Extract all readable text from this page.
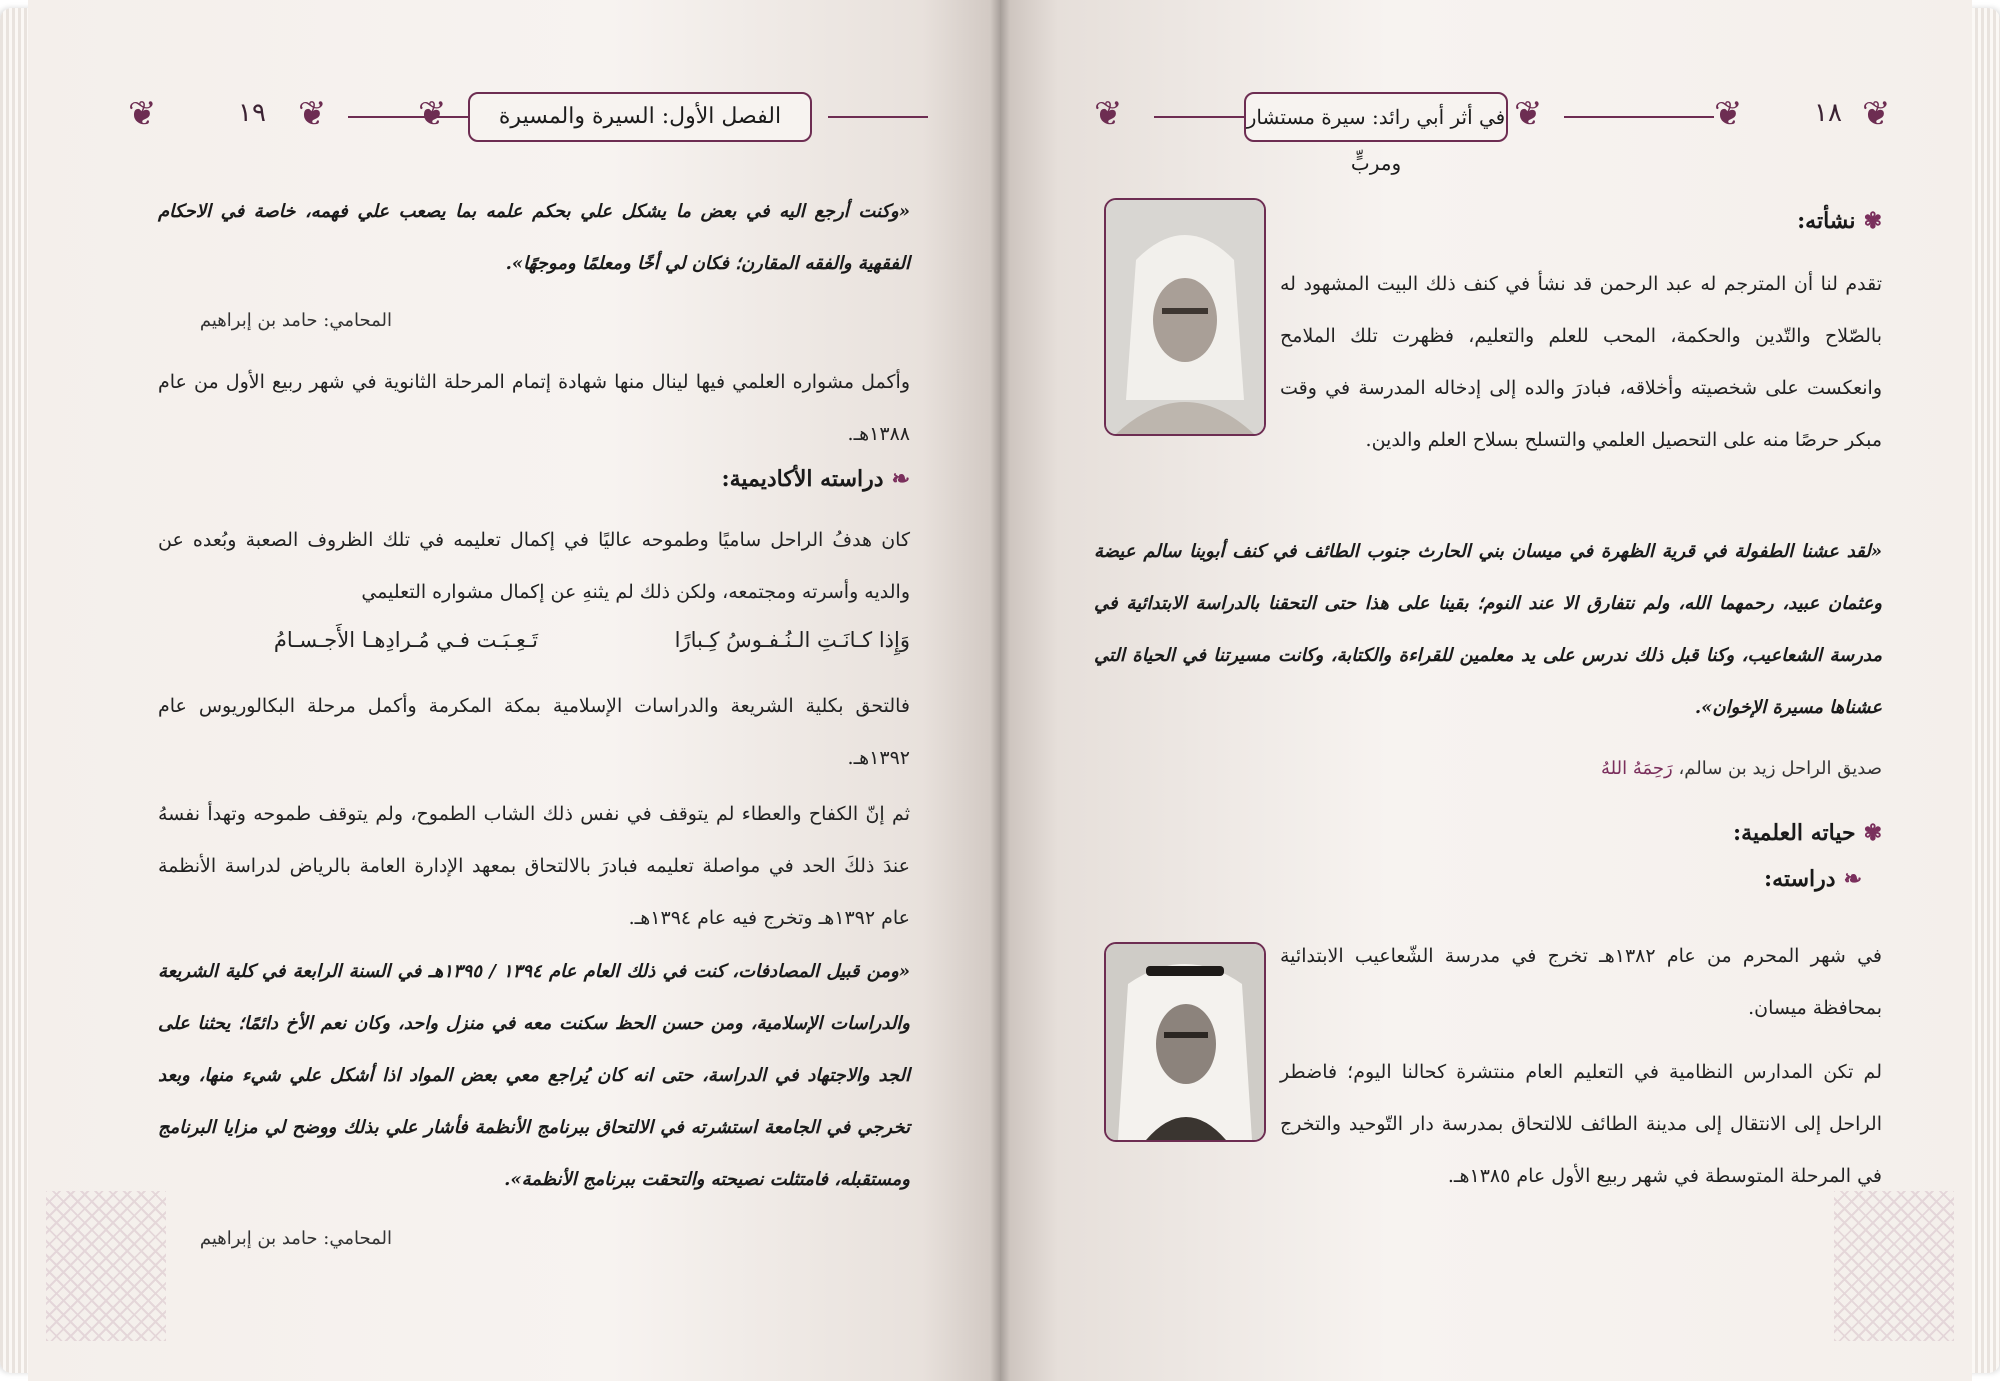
❦	١٩ ❦	الفصل الأول: السيرة والمسيرة
❦
«وكنت أرجع اليه في بعض ما يشكل علي بحكم علمه بما يصعب علي فهمه، خاصة في الاحكام الفقهية والفقه المقارن؛ فكان لي أخًا ومعلمًا وموجهًا».
المحامي: حامد بن إبراهيم
وأكمل مشواره العلمي فيها لينال منها شهادة إتمام المرحلة الثانوية في شهر ربيع الأول من عام ١٣٨٨هـ.
❧دراسته الأكاديمية:
كان هدفُ الراحل ساميًا وطموحه عاليًا في إكمال تعليمه في تلك الظروف الصعبة وبُعده عن والديه وأسرته ومجتمعه، ولكن ذلك لم يثنهِ عن إكمال مشواره التعليمي
وَإِذا كـانَـتِ الـنُـفـوسُ كِـبارًا
تَـعِـبَـت فـي مُـرادِهـا الأَجـسـامُ
فالتحق بكلية الشريعة والدراسات الإسلامية بمكة المكرمة وأكمل مرحلة البكالوريوس عام ١٣٩٢هـ.
ثم إنّ الكفاح والعطاء لم يتوقف في نفس ذلك الشاب الطموح، ولم يتوقف طموحه وتهدأ نفسهُ عندَ ذلكَ الحد في مواصلة تعليمه فبادرَ بالالتحاق بمعهد الإدارة العامة بالرياض لدراسة الأنظمة عام ١٣٩٢هـ وتخرج فيه عام ١٣٩٤هـ.
«ومن قبيل المصادفات، كنت في ذلك العام عام ١٣٩٤ / ١٣٩٥هـ في السنة الرابعة في كلية الشريعة والدراسات الإسلامية، ومن حسن الحظ سكنت معه في منزل واحد، وكان نعم الأخ دائمًا؛ يحثنا على الجد والاجتهاد في الدراسة، حتى انه كان يُراجع معي بعض المواد اذا أشكل علي شيء منها، وبعد تخرجي في الجامعة استشرته في الالتحاق ببرنامج الأنظمة فأشار علي بذلك ووضح لي مزايا البرنامج ومستقبله، فامتثلت نصيحته والتحقت ببرنامج الأنظمة».
المحامي: حامد بن إبراهيم
❦	في أثر أبي رائد: سيرة مستشار ومربٍّ
❦	❦	١٨ ❦
✾نشأته:
تقدم لنا أن المترجم له عبد الرحمن قد نشأ في كنف ذلك البيت المشهود له بالصّلاح والتّدين والحكمة، المحب للعلم والتعليم، فظهرت تلك الملامح وانعكست على شخصيته وأخلاقه، فبادرَ والده إلى إدخاله المدرسة في وقت مبكر حرصًا منه على التحصيل العلمي والتسلح بسلاح العلم والدين.
«لقد عشنا الطفولة في قرية الظهرة في ميسان بني الحارث جنوب الطائف في كنف أبوينا سالم عيضة وعثمان عبيد، رحمهما الله، ولم نتفارق الا عند النوم؛ بقينا على هذا حتى التحقنا بالدراسة الابتدائية في مدرسة الشعاعيب، وكنا قبل ذلك ندرس على يد معلمين للقراءة والكتابة، وكانت مسيرتنا في الحياة التي عشناها مسيرة الإخوان».
صديق الراحل زيد بن سالم، رَحِمَهُ اللهُ
✾حياته العلمية:
❧دراسته:
في شهر المحرم من عام ١٣٨٢هـ تخرج في مدرسة الشّعاعيب الابتدائية بمحافظة ميسان.
لم تكن المدارس النظامية في التعليم العام منتشرة كحالنا اليوم؛ فاضطر الراحل إلى الانتقال إلى مدينة الطائف للالتحاق بمدرسة دار التّوحيد والتخرج في المرحلة المتوسطة في شهر ربيع الأول عام ١٣٨٥هـ.
